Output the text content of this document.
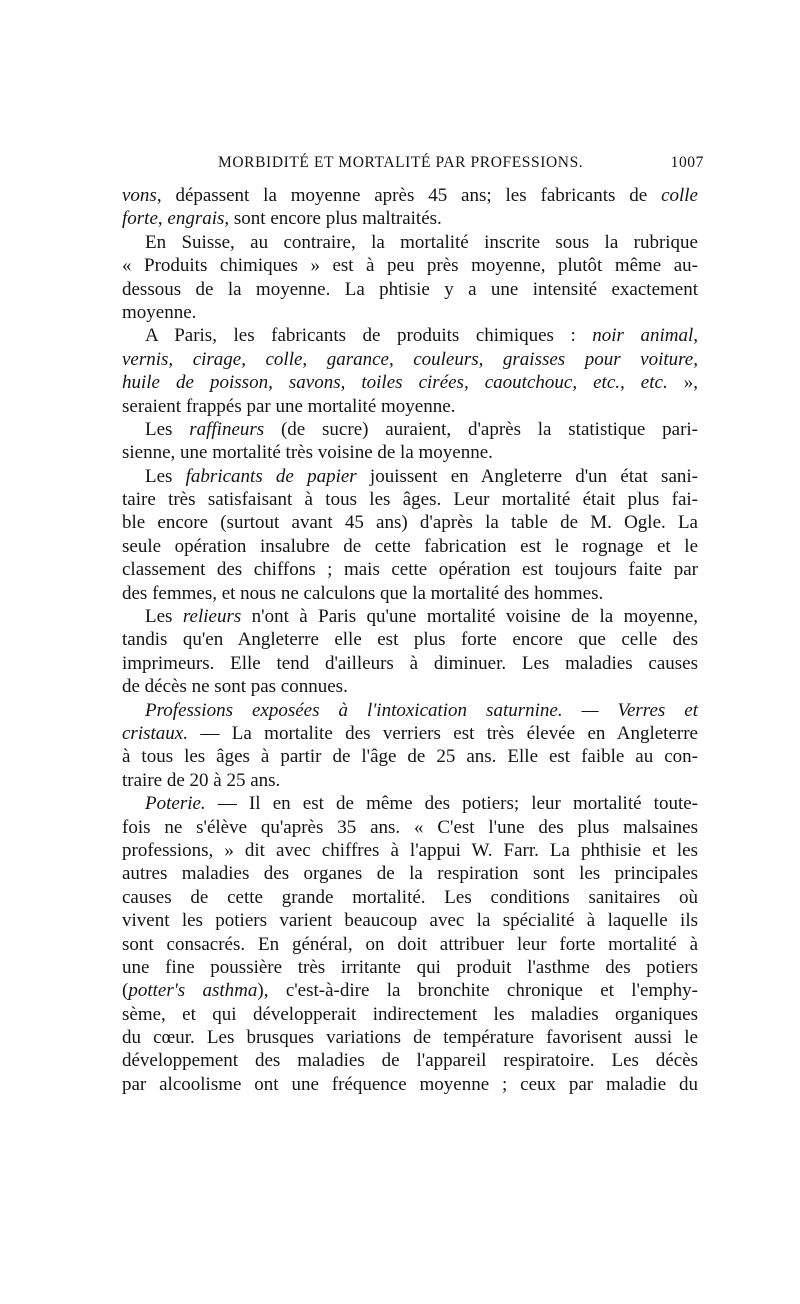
MORBIDITÉ ET MORTALITÉ PAR PROFESSIONS.	1007
vons, dépassent la moyenne après 45 ans; les fabricants de colle
forte, engrais, sont encore plus maltraités.
En Suisse, au contraire, la mortalité inscrite sous la rubrique
« Produits chimiques » est à peu près moyenne, plutôt même au-
dessous de la moyenne. La phtisie y a une intensité exactement
moyenne.
A Paris, les fabricants de produits chimiques : noir animal,
vernis, cirage, colle, garance, couleurs, graisses pour voiture,
huile de poisson, savons, toiles cirées, caoutchouc, etc., etc. »,
seraient frappés par une mortalité moyenne.
Les raffineurs (de sucre) auraient, d'après la statistique pari-
sienne, une mortalité très voisine de la moyenne.
Les fabricants de papier jouissent en Angleterre d'un état sani-
taire très satisfaisant à tous les âges. Leur mortalité était plus fai-
ble encore (surtout avant 45 ans) d'après la table de M. Ogle. La
seule opération insalubre de cette fabrication est le rognage et le
classement des chiffons ; mais cette opération est toujours faite par
des femmes, et nous ne calculons que la mortalité des hommes.
Les relieurs n'ont à Paris qu'une mortalité voisine de la moyenne,
tandis qu'en Angleterre elle est plus forte encore que celle des
imprimeurs. Elle tend d'ailleurs à diminuer. Les maladies causes
de décès ne sont pas connues.
Professions exposées à l'intoxication saturnine. — Verres et
cristaux. — La mortalite des verriers est très élevée en Angleterre
à tous les âges à partir de l'âge de 25 ans. Elle est faible au con-
traire de 20 à 25 ans.
Poterie. — Il en est de même des potiers; leur mortalité toute-
fois ne s'élève qu'après 35 ans. « C'est l'une des plus malsaines
professions, » dit avec chiffres à l'appui W. Farr. La phthisie et les
autres maladies des organes de la respiration sont les principales
causes de cette grande mortalité. Les conditions sanitaires où
vivent les potiers varient beaucoup avec la spécialité à laquelle ils
sont consacrés. En général, on doit attribuer leur forte mortalité à
une fine poussière très irritante qui produit l'asthme des potiers
(potter's asthma), c'est-à-dire la bronchite chronique et l'emphy-
sème, et qui développerait indirectement les maladies organiques
du cœur. Les brusques variations de température favorisent aussi le
développement des maladies de l'appareil respiratoire. Les décès
par alcoolisme ont une fréquence moyenne ; ceux par maladie du
